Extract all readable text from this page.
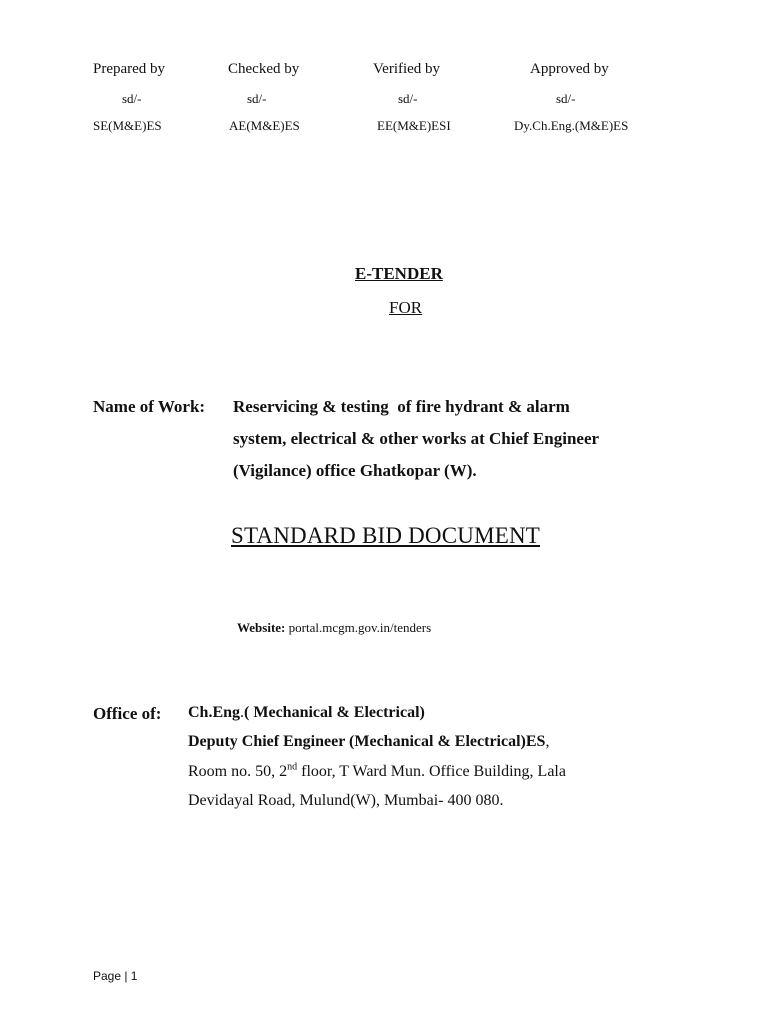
Prepared by	Checked by	Verified by	Approved by
sd/-	sd/-	sd/-	sd/-
SE(M&E)ES	AE(M&E)ES	EE(M&E)ESI	Dy.Ch.Eng.(M&E)ES
E-TENDER
FOR
Name of Work: Reservicing & testing  of fire hydrant & alarm
system, electrical & other works at Chief Engineer
(Vigilance) office Ghatkopar (W).
STANDARD BID DOCUMENT
Website: portal.mcgm.gov.in/tenders
Office of: Ch.Eng.( Mechanical & Electrical)
Deputy Chief Engineer (Mechanical & Electrical)ES,
Room no. 50, 2nd floor, T Ward Mun. Office Building, Lala
Devidayal Road, Mulund(W), Mumbai- 400 080.
Page | 1
